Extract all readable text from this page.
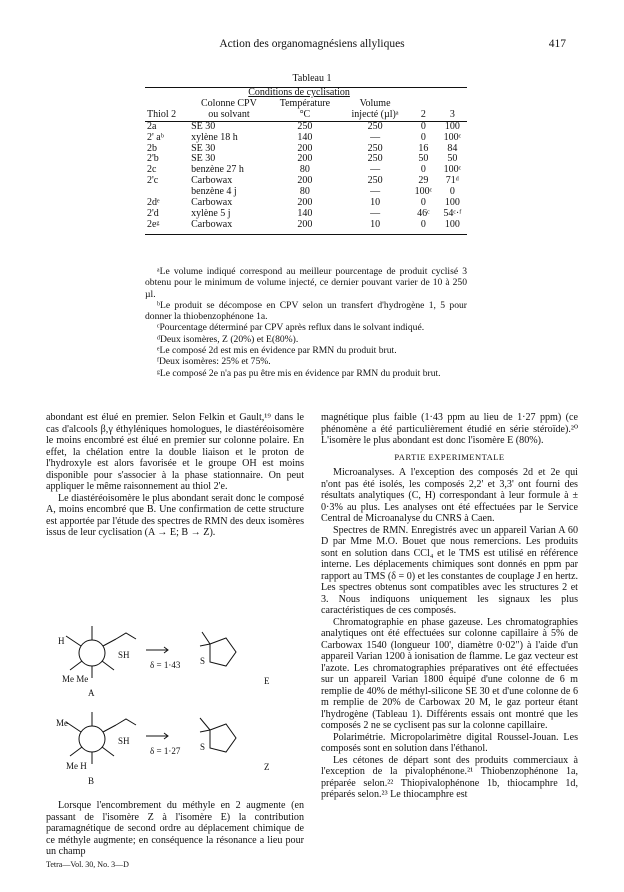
Action des organomagnésiens allyliques	417
Tableau 1
	Conditions de cyclisation				
	Colonne CPV	Température	Volume		
Thiol 2	ou solvant	°C	injecté (µl)ᵃ	2	3
2a	SE 30	250	250	0	100
2' aᵇ	xylène 18 h	140	—	0	100ᶜ
2b	SE 30	200	250	16	84
2'b	SE 30	200	250	50	50
2c	benzène 27 h	80	—	0	100ᶜ
2'c	Carbowax	200	250	29	71ᵈ
	benzène 4 j	80	—	100ᶜ	0
2dᵉ	Carbowax	200	10	0	100
2'd	xylène 5 j	140	—	46ᶜ	54ᶜ·ᶠ
2eᵍ	Carbowax	200	10	0	100

ᵃLe volume indiqué correspond au meilleur pourcentage de produit cyclisé 3 obtenu pour le minimum de volume injecté, ce dernier pouvant varier de 10 à 250 µl.

ᵇLe produit se décompose en CPV selon un transfert d'hydrogène 1, 5 pour donner la thiobenzophénone 1a.

ᶜPourcentage déterminé par CPV après reflux dans le solvant indiqué.

ᵈDeux isomères, Z (20%) et E(80%).

ᵉLe composé 2d est mis en évidence par RMN du produit brut.

ᶠDeux isomères: 25% et 75%.

ᵍLe composé 2e n'a pas pu être mis en évidence par RMN du produit brut.

abondant est élué en premier. Selon Felkin et Gault,¹⁹ dans le cas d'alcools β,γ éthyléniques homologues, le diastéréoisomère le moins encombré est élué en premier sur colonne polaire. En effet, la chélation entre la double liaison et le proton de l'hydroxyle est alors favorisée et le groupe OH est moins disponible pour s'associer à la phase stationnaire. On peut appliquer le même raisonnement au thiol 2'e.

Le diastéréoisomère le plus abondant serait donc le composé A, moins encombré que B. Une confirmation de cette structure est apportée par l'étude des spectres de RMN des deux isomères issus de leur cyclisation (A → E; B → Z).

H
SH
Me Me
A
δ = 1·43 S
E
Me
SH
Me H
B
δ = 1·27 S
Z

Lorsque l'encombrement du méthyle en 2 augmente (en passant de l'isomère Z à l'isomère E) la contribution paramagnétique de second ordre au déplacement chimique de ce méthyle augmente; en conséquence la résonance a lieu pour un champ

magnétique plus faible (1·43 ppm au lieu de 1·27 ppm) (ce phénomène a été particulièrement étudié en série stéroïde).²⁰ L'isomère le plus abondant est donc l'isomère E (80%).

PARTIE EXPERIMENTALE

Microanalyses. A l'exception des composés 2d et 2e qui n'ont pas été isolés, les composés 2,2' et 3,3' ont fourni des résultats analytiques (C, H) correspondant à leur formule à ± 0·3% au plus. Les analyses ont été effectuées par le Service Central de Microanalyse du CNRS à Caen.

Spectres de RMN. Enregistrés avec un appareil Varian A 60 D par Mme M.O. Bouet que nous remercions. Les produits sont en solution dans CCl₄ et le TMS est utilisé en référence interne. Les déplacements chimiques sont donnés en ppm par rapport au TMS (δ = 0) et les constantes de couplage J en hertz. Les spectres obtenus sont compatibles avec les structures 2 et 3. Nous indiquons uniquement les signaux les plus caractéristiques de ces composés.

Chromatographie en phase gazeuse. Les chromatographies analytiques ont été effectuées sur colonne capillaire à 5% de Carbowax 1540 (longueur 100', diamètre 0·02") à l'aide d'un appareil Varian 1200 à ionisation de flamme. Le gaz vecteur est l'azote. Les chromatographies préparatives ont été effectuées sur un appareil Varian 1800 équipé d'une colonne de 6 m remplie de 40% de méthyl-silicone SE 30 et d'une colonne de 6 m remplie de 20% de Carbowax 20 M, le gaz porteur étant l'hydrogène (Tableau 1). Différents essais ont montré que les composés 2 ne se cyclisent pas sur la colonne capillaire.

Polarimétrie. Micropolarimètre digital Roussel-Jouan. Les composés sont en solution dans l'éthanol.

Les cétones de départ sont des produits commerciaux à l'exception de la pivalophénone.²¹ Thiobenzophénone 1a, préparée selon.²² Thiopivalophénone 1b, thiocamphre 1d, préparés selon.²³ Le thiocamphre est

Tetra—Vol. 30, No. 3—D
